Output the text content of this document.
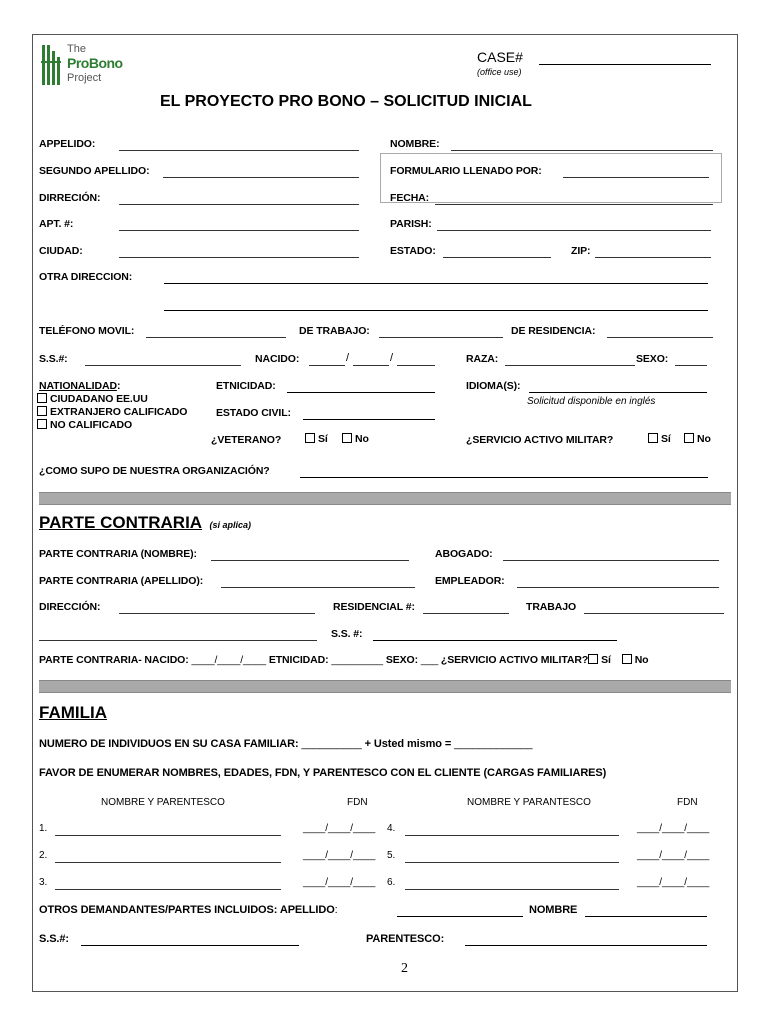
The
ProBono
Project
CASE#
(office use)
EL PROYECTO PRO BONO – SOLICITUD INICIAL
APPELIDO:	NOMBRE:
SEGUNDO APELLIDO:	FORMULARIO LLENADO POR:
DIRRECIÓN:	FECHA:
APT. #:	PARISH:
CIUDAD:	ESTADO:	ZIP:
OTRA DIRECCION:
TELÉFONO MOVIL:	DE TRABAJO:	DE RESIDENCIA:
S.S.#:	NACIDO:	/	/	RAZA:	SEXO:
NATIONALIDAD:
CIUDADANO EE.UU
EXTRANJERO CALIFICADO
NO CALIFICADO
ETNICIDAD:
ESTADO CIVIL:
IDIOMA(S):
Solicitud disponible en inglés
¿VETERANO?	Sí	No	¿SERVICIO ACTIVO MILITAR?	Sí	No
¿COMO SUPO DE NUESTRA ORGANIZACIÓN?
PARTE CONTRARIA (si aplica)
PARTE CONTRARIA (NOMBRE):	ABOGADO:
PARTE CONTRARIA (APELLIDO):	EMPLEADOR:
DIRECCIÓN:	RESIDENCIAL #:	TRABAJO
S.S. #:
PARTE CONTRARIA- NACIDO: ____/____/____ ETNICIDAD: _________ SEXO: ___ ¿SERVICIO ACTIVO MILITAR? Sí No
FAMILIA
NUMERO DE INDIVIDUOS EN SU CASA FAMILIAR: __________ + Usted mismo = _____________
FAVOR DE ENUMERAR NOMBRES, EDADES, FDN, Y PARENTESCO CON EL CLIENTE (CARGAS FAMILIARES)
NOMBRE Y PARENTESCO	FDN	NOMBRE Y PARANTESCO	FDN
1.	____/____/____ 4.	____/____/____
2.	____/____/____ 5.	____/____/____
3.	____/____/____ 6.	____/____/____
OTROS DEMANDANTES/PARTES INCLUIDOS: APELLIDO:	NOMBRE
S.S.#:	PARENTESCO:
2
